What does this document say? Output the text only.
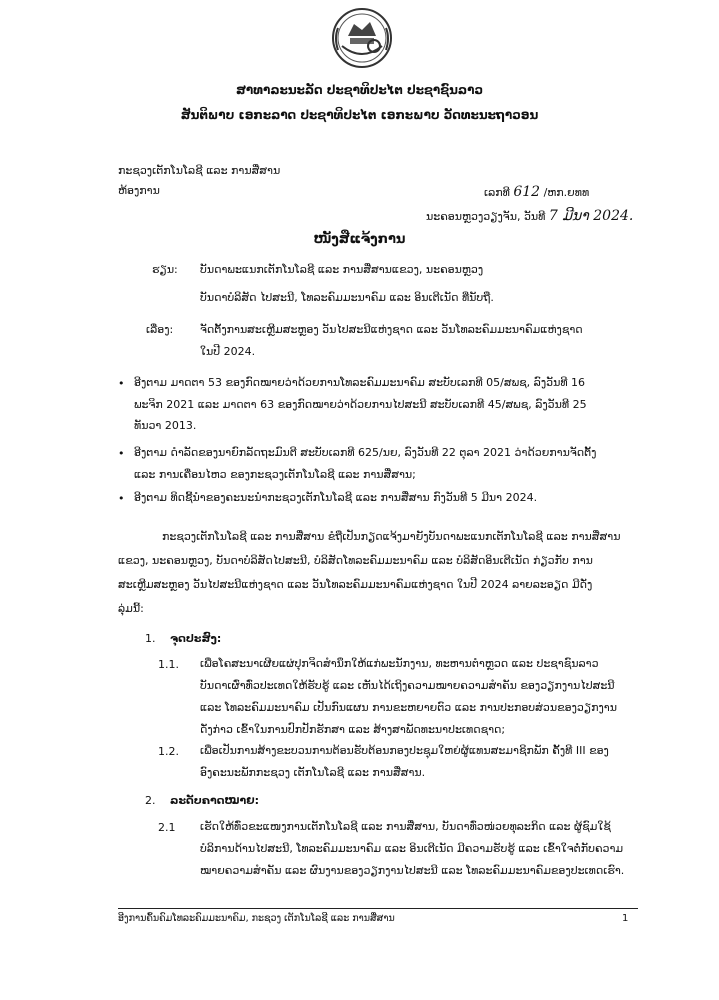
ສາທາລະນະລັດ ປະຊາທິປະໄຕ ປະຊາຊົນລາວ
ສັນຕິພາບ ເອກະລາດ ປະຊາທິປະໄຕ ເອກະພາບ ວັດທະນະຖາວອນ
ກະຊວງເຕັກໂນໂລຊີ ແລະ ການສື່ສານ
ຫ້ອງການ	ເລກທີ 612 /ຫກ.ຍທທ
ນະຄອນຫຼວງວຽງຈັນ, ວັນທີ 7 ມີນາ 2024.
ໜັງສືແຈ້ງການ
ຮຽນ: ບັນດາພະແນກເຕັກໂນໂລຊີ ແລະ ການສື່ສານແຂວງ, ນະຄອນຫຼວງ
ບັນດາບໍລິສັດ ໄປສະນີ, ໂທລະຄົມມະນາຄົມ ແລະ ອິນເຕີເນັດ ທີ່ນັບຖື.
ເລື່ອງ: ຈັດຕັ້ງການສະເຫຼີມສະຫຼອງ ວັນໄປສະນີແຫ່ງຊາດ ແລະ ວັນໂທລະຄົມມະນາຄົມແຫ່ງຊາດ
ໃນປີ 2024.
• ອີງຕາມ ມາດຕາ 53 ຂອງກົດໝາຍວ່າດ້ວຍການໂທລະຄົມມະນາຄົມ ສະບັບເລກທີ 05/ສພຊ, ລົງວັນທີ 16
ພະຈິກ 2021 ແລະ ມາດຕາ 63 ຂອງກົດໝາຍວ່າດ້ວຍການໄປສະນີ ສະບັບເລກທີ 45/ສພຊ, ລົງວັນທີ 25
ທັນວາ 2013.
• ອີງຕາມ ດຳລັດຂອງນາຍົກລັດຖະມົນຕີ ສະບັບເລກທີ 625/ນຍ, ລົງວັນທີ 22 ຕຸລາ 2021 ວ່າດ້ວຍການຈັດຕັ້ງ
ແລະ ການເຄື່ອນໄຫວ ຂອງກະຊວງເຕັກໂນໂລຊີ ແລະ ການສື່ສານ;
• ອີງຕາມ ທິດຊີ້ນຳຂອງຄະນະນຳກະຊວງເຕັກໂນໂລຊີ ແລະ ການສື່ສານ ກົງວັນທີ 5 ມີນາ 2024.
ກະຊວງເຕັກໂນໂລຊີ ແລະ ການສື່ສານ ຂໍຖືເປັນກຽດແຈ້ງມາຍັງບັນດາພະແນກເຕັກໂນໂລຊີ ແລະ ການສື່ສານ
ແຂວງ, ນະຄອນຫຼວງ, ບັນດາບໍລິສັດໄປສະນີ, ບໍລິສັດໂທລະຄົມມະນາຄົມ ແລະ ບໍລິສັດອິນເຕີເນັດ ກ່ຽວກັບ ການ
ສະເຫຼີມສະຫຼອງ ວັນໄປສະນີແຫ່ງຊາດ ແລະ ວັນໂທລະຄົມມະນາຄົມແຫ່ງຊາດ ໃນປີ 2024 ລາຍລະອຽດ ມີດັ່ງ
ລຸ່ມນີ້:
1. ຈຸດປະສົງ:
1.1. ເພື່ອໂຄສະນາເຜີຍແຜ່ປຸກຈິດສຳນຶກໃຫ້ແກ່ພະນັກງານ, ທະຫານຕຳຫຼວດ ແລະ ປະຊາຊົນລາວ
ບັນດາເຜົ່າທົ່ວປະເທດໃຫ້ຮັບຮູ້ ແລະ ເຫັນໄດ້ເຖິງຄວາມໝາຍຄວາມສຳຄັນ ຂອງວຽກງານໄປສະນີ
ແລະ ໂທລະຄົມມະນາຄົມ ເປັນກົນແຜນ ການຂະຫຍາຍຕົວ ແລະ ການປະກອບສ່ວນຂອງວຽກງານ
ດັ່ງກ່າວ ເຂົ້າໃນການປົກປັກຮັກສາ ແລະ ສ້າງສາພັດທະນາປະເທດຊາດ;
1.2. ເພື່ອເປັນການສ້າງຂະບວນການຕ້ອນຮັບຕ້ອນກອງປະຊຸມໃຫຍ່ຜູ້ແທນສະມາຊິກພັກ ຄັ້ງທີ III ຂອງ
ອົງຄະນະພັກກະຊວງ ເຕັກໂນໂລຊີ ແລະ ການສື່ສານ.
2. ລະດັບຄາດໝາຍ:
2.1 ເຮັດໃຫ້ທົ່ວຂະແໜງການເຕັກໂນໂລຊີ ແລະ ການສື່ສານ, ບັນດາທົ່ວໜ່ວຍທຸລະກິດ ແລະ ຜູ້ຊົມໃຊ້
ບໍລິການດ້ານໄປສະນີ, ໂທລະຄົມມະນາຄົມ ແລະ ອິນເຕີເນັດ ມີຄວາມຮັບຮູ້ ແລະ ເຂົ້າໃຈຕໍ່ກັບຄວາມ
ໝາຍຄວາມສຳຄັນ ແລະ ຜົນງານຂອງວຽກງານໄປສະນີ ແລະ ໂທລະຄົມມະນາຄົມຂອງປະເທດເຮົາ.
ອີງການຄົ້ນຄົມໂທລະຄົມມະນາຄົມ, ກະຊວງ ເຕັກໂນໂລຊີ ແລະ ການສື່ສານ	1
